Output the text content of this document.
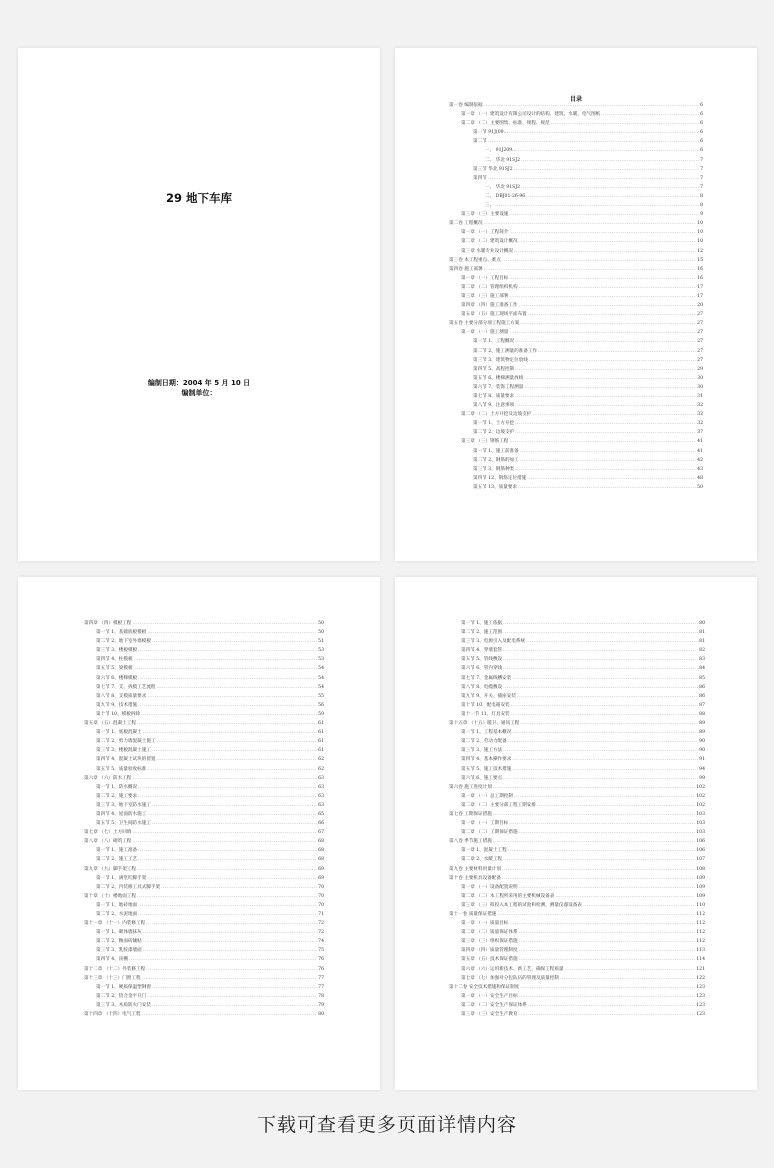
29 地下车库
编制日期：2004 年 5 月 10 日
编制单位：
目录
第一卷 编制依据 .....	6
第一章 （一）建筑设计有限公司设计的结构、建筑、水暖、电气图纸 .....	6
第二章 （二）主要图集、标准、规程、规范 .....	6
第一节 91J(09… .....	6
第二节 .....	6
一、 91J209… .....	6
二、 华北 91SJ2 .....	7
第三节 华北 91SJ2 .....	7
第四节 .....	7
一、 华北 91SJ2 .....	7
二、 DBJ01-26-96 .....	8
三、 .....	8
第三章 （三）主要设施 .....	9
第二卷 工程概况 .....	10
第一章 （一）工程简介 .....	10
第二章 （二）建筑设计概况 .....	10
第三章 水暖专业设计概况 .....	12
第三卷 本工程重点、难点 .....	15
第四卷 施工部署 .....	16
第一章 （一）工程目标 .....	16
第二章 （二）管理组织机构 .....	17
第三章 （三）施工部署 .....	17
第四章 （四）施工准备工作 .....	20
第五章 （五）施工现场平面布置 .....	27
第五卷 主要分部分项工程施工方案 .....	27
第一章 （一）施工测量 .....	27
第一节 1、工程概况 .....	27
第二节 2、施工测量的准备工作 .....	27
第三节 3、建筑物定位放线 .....	27
第四节 5、高程控制 .....	29
第五节 6、楼梯测量放线 .....	30
第六节 7、装饰工程测量 .....	30
第七节 8、质量要求 .....	31
第八节 9、注意事项 .....	32
第二章 （二）土方开挖及边坡支护 .....	32
第一节 1、土方开挖 .....	32
第二节 2、边坡支护 .....	37
第三章 （三）钢筋工程 .....	41
第一节 1、施工前准备 .....	41
第二节 2、钢筋的加工 .....	42
第三节 3、钢筋种类 .....	43
第四节 12、钢筋定位措施 .....	48
第五节 13、质量要求 .....	50
第四章 （四）模板工程 .....	50
第一节 1、基础底板模板 .....	50
第二节 2、地下室外墙模板 .....	51
第三节 3、楼板模板 .....	53
第四节 4、柱模板 .....	53
第五节 5、梁模板 .....	54
第六节 6、楼梯模板 .....	54
第七节 7、支、拆模工艺流程 .....	54
第八节 8、支模质量要求 .....	55
第九节 9、技术措施 .....	56
第十节 10、模板拆除 .....	59
第五章 （五）混凝土工程 .....	61
第一节 1、底板混凝土 .....	61
第二节 2、剪力墙混凝土施工 .....	61
第三节 3、楼板混凝土施工 .....	61
第四节 4、混凝土试块的留置 .....	62
第五节 5、质量验收标准 .....	62
第六章 （六）防水工程 .....	63
第一节 1、防水概况 .....	63
第二节 2、施工要求 .....	63
第三节 3、地下室防水施工 .....	63
第四节 4、屋面防水施工 .....	65
第五节 5、卫生间防水施工 .....	66
第七章 （七）土方回填 .....	67
第八章 （八）砌筑工程 .....	68
第一节 1、施工准备 .....	68
第二节 2、施工工艺 .....	68
第九章 （九）脚手架工程 .....	69
第一节 1、满堂红脚手架 .....	69
第二节 2、内装修工具式脚手架 .....	70
第十章 （十）楼地面工程 .....	70
第一节 1、地砖地面 .....	70
第二节 2、水泥地面 .....	71
第十一章 （十一）内装修工程 .....	72
第一节 1、砌体墙抹灰 .....	72
第二节 2、釉面砖镶贴 .....	74
第三节 3、乳胶漆墙面 .....	75
第四节 4、顶棚 .....	76
第十二章 （十二）外装修工程 .....	76
第十三章 （十三）门窗工程 .....	77
第一节 1、硬质保温塑钢窗 .....	77
第二节 2、铝合金平开门 .....	78
第三节 3、木质防火门安装 .....	79
第十四章 （十四）电气工程 .....	80
第一节 1、施工依据 .....	80
第二节 2、施工范围 .....	81
第三节 3、电源引入及配电系统 .....	81
第四节 4、穿墙套管 .....	82
第五节 5、管线敷设 .....	83
第六节 6、管内穿线 .....	84
第七节 7、金属线槽安装 .....	85
第八节 8、电缆敷设 .....	86
第九节 9、开关、插座安装 .....	86
第十节 10、配电箱安装 .....	87
第十一节 11、灯具安装 .....	88
第十五章 （十五）暖卫、通风工程 .....	89
第一节 1、工程基本概况 .....	89
第二节 2、劳动力配备 .....	90
第三节 3、施工方法 .....	90
第四节 4、基本操作要求 .....	91
第五节 5、施工技术措施 .....	94
第六节 6、施工要点 .....	99
第六卷 施工进度计划 .....	102
第一章 （一）总工期控制 .....	102
第二章 （二）主要分部工程工期安排 .....	102
第七卷 工期保证措施 .....	103
第一章 （一）工期目标 .....	103
第二章 （二）工期保证措施 .....	103
第八卷 季节施工措施 .....	106
第一章 1、混凝土工程 .....	106
第二章 2、水暖工程 .....	107
第九卷 主要材料用量计划 .....	108
第十卷 主要机具设备配备 .....	109
第一章 （一）设备配置说明 .....	109
第二章 （二）本工程所采用的主要机械设备表 .....	109
第三章 （三）拟投入本工程的试验和检测、测量仪器设备表 .....	110
第十一卷 质量保证措施 .....	112
第一章 （一）质量目标 .....	112
第二章 （二）质量保证体系 .....	112
第三章 （三）组织保证措施 .....	112
第四章 （四）质量管理制度 .....	113
第五章 （五）技术保证措施 .....	114
第六章 （六）运用新技术、新工艺，确保工程质量 .....	121
第七章 （七）加强对分包队伍的管理及质量控制 .....	122
第十二卷 安全技术措施和保证制度 .....	123
第一章 （一）安全生产目标 .....	123
第二章 （二）安全生产保证体系 .....	123
第三章 （三）安全生产教育 .....	123
下载可查看更多页面详情内容
